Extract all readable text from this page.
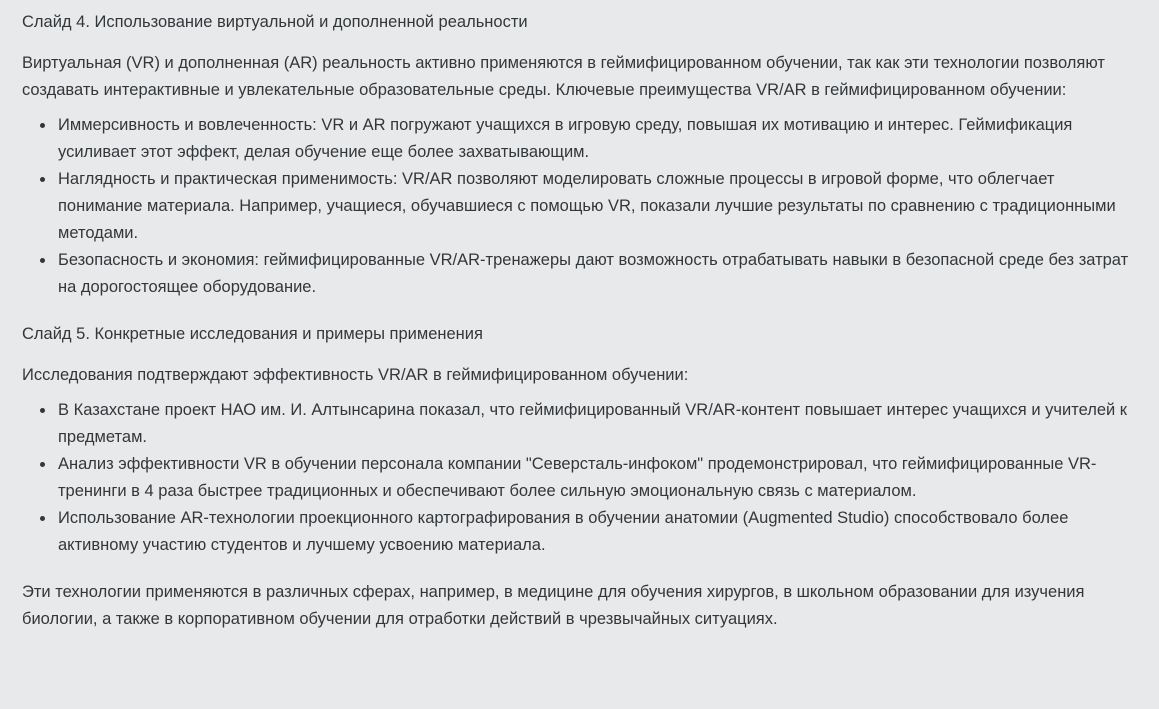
Слайд 4. Использование виртуальной и дополненной реальности

Виртуальная (VR) и дополненная (AR) реальность активно применяются в геймифицированном обучении, так как эти технологии позволяют создавать интерактивные и увлекательные образовательные среды. Ключевые преимущества VR/AR в геймифицированном обучении:

• Иммерсивность и вовлеченность: VR и AR погружают учащихся в игровую среду, повышая их мотивацию и интерес. Геймификация усиливает этот эффект, делая обучение еще более захватывающим.
• Наглядность и практическая применимость: VR/AR позволяют моделировать сложные процессы в игровой форме, что облегчает понимание материала. Например, учащиеся, обучавшиеся с помощью VR, показали лучшие результаты по сравнению с традиционными методами.
• Безопасность и экономия: геймифицированные VR/AR-тренажеры дают возможность отрабатывать навыки в безопасной среде без затрат на дорогостоящее оборудование.

Слайд 5. Конкретные исследования и примеры применения

Исследования подтверждают эффективность VR/AR в геймифицированном обучении:

• В Казахстане проект НАО им. И. Алтынсарина показал, что геймифицированный VR/AR-контент повышает интерес учащихся и учителей к предметам.
• Анализ эффективности VR в обучении персонала компании "Северсталь-инфоком" продемонстрировал, что геймифицированные VR-тренинги в 4 раза быстрее традиционных и обеспечивают более сильную эмоциональную связь с материалом.
• Использование AR-технологии проекционного картографирования в обучении анатомии (Augmented Studio) способствовало более активному участию студентов и лучшему усвоению материала.

Эти технологии применяются в различных сферах, например, в медицине для обучения хирургов, в школьном образовании для изучения биологии, а также в корпоративном обучении для отработки действий в чрезвычайных ситуациях.
